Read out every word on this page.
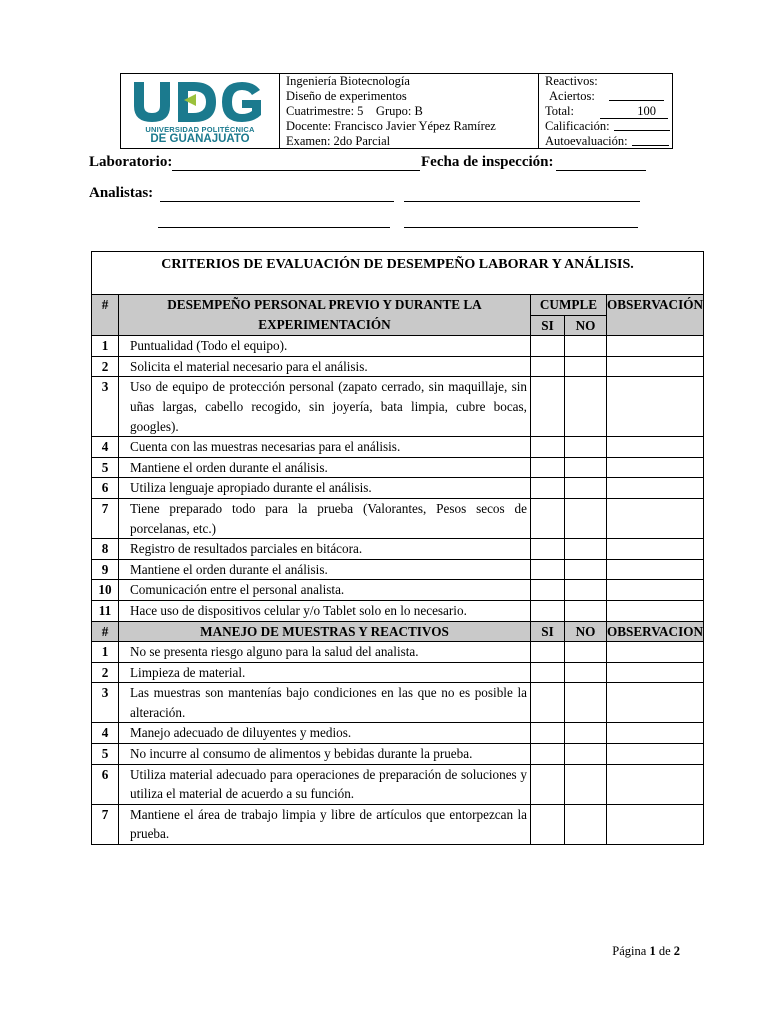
UNIVERSIDAD POLITÉCNICA
DE GUANAJUATO
Ingeniería Biotecnología
Diseño de experimentos
Cuatrimestre: 5    Grupo: B
Docente: Francisco Javier Yépez Ramírez
Examen: 2do Parcial
Reactivos:
Aciertos:
Total:	100
Calificación:
Autoevaluación:
Laboratorio:	Fecha de inspección:
Analistas:
CRITERIOS DE EVALUACIÓN DE DESEMPEÑO LABORAR Y ANÁLISIS.				
#	DESEMPEÑO PERSONAL PREVIO Y DURANTE LA EXPERIMENTACIÓN	CUMPLE		OBSERVACIÓN
		SI	NO	
1	Puntualidad (Todo el equipo).			
2	Solicita el material necesario para el análisis.			
3	Uso de equipo de protección personal (zapato cerrado, sin maquillaje, sin uñas largas, cabello recogido, sin joyería, bata limpia, cubre bocas, googles).			
4	Cuenta con las muestras necesarias para el análisis.			
5	Mantiene el orden durante el análisis.			
6	Utiliza lenguaje apropiado durante el análisis.			
7	Tiene preparado todo para la prueba (Valorantes, Pesos secos de porcelanas, etc.)			
8	Registro de resultados parciales en bitácora.			
9	Mantiene el orden durante el análisis.			
10	Comunicación entre el personal analista.			
11	Hace uso de dispositivos celular y/o Tablet solo en lo necesario.			
#	MANEJO DE MUESTRAS Y REACTIVOS	SI	NO	OBSERVACION
1	No se presenta riesgo alguno para la salud del analista.			
2	Limpieza de material.			
3	Las muestras son mantenías bajo condiciones en las que no es posible la alteración.			
4	Manejo adecuado de diluyentes y medios.			
5	No incurre al consumo de alimentos y bebidas durante la prueba.			
6	Utiliza material adecuado para operaciones de preparación de soluciones y utiliza el material de acuerdo a su función.			
7	Mantiene el área de trabajo limpia y libre de artículos que entorpezcan la prueba.			
Página 1 de 2
